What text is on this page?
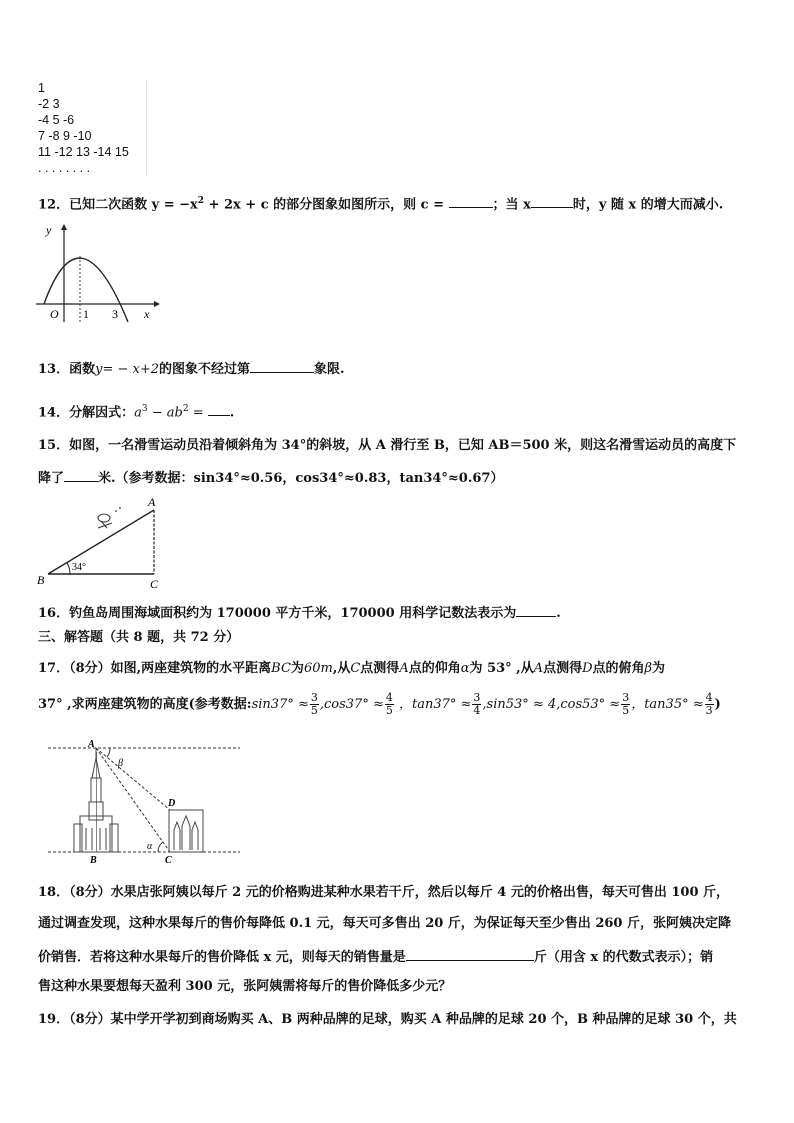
1
-2 3
-4 5 -6
7 -8 9 -10
11 -12 13 -14 15
. . . . . . . .
12．已知二次函数 $y = -x^2 + 2x + c$ 的部分图象如图所示，则 c =	；当 x	时，y 随 x 的增大而减小.
y
O 1 3 x
13．函数y= − x+2的图象不经过第	象限.
14．分解因式：$a^3 - ab^2$ = .
15．如图，一名滑雪运动员沿着倾斜角为 34°的斜坡，从 A 滑行至 B，已知 AB＝500 米，则这名滑雪运动员的高度下
降了	米.（参考数据：sin34°≈0.56，cos34°≈0.83，tan34°≈0.67）
A
B	C
34°
16．钓鱼岛周围海域面积约为 170000 平方千米，170000 用科学记数法表示为	.
三、解答题（共 8 题，共 72 分）
17．（8分）如图,两座建筑物的水平距离BC为60m,从C点测得A点的仰角α为 53° ,从A点测得D点的俯角β为
37° ,求两座建筑物的高度(参考数据:sin37° ≈ $\frac{3}{5} ,\cos 37^\circ \approx \frac{4}{5}$ ，$\tan 37^\circ \approx \frac{3}{4} ,\sin 53^\circ \approx 4,\cos 53^\circ \approx \frac{3}{5}$ ，$\tan 35^\circ \approx \frac{4}{3}$ )
A
β
D
α
B	C
18．（8分）水果店张阿姨以每斤 2 元的价格购进某种水果若干斤，然后以每斤 4 元的价格出售，每天可售出 100 斤，
通过调查发现，这种水果每斤的售价每降低 0.1 元，每天可多售出 20 斤，为保证每天至少售出 260 斤，张阿姨决定降
价销售．若将这种水果每斤的售价降低 x 元，则每天的销售量是	斤（用含 x 的代数式表示）；销
售这种水果要想每天盈利 300 元，张阿姨需将每斤的售价降低多少元？
19．（8分）某中学开学初到商场购买 A、B 两种品牌的足球，购买 A 种品牌的足球 20 个，B 种品牌的足球 30 个，共
